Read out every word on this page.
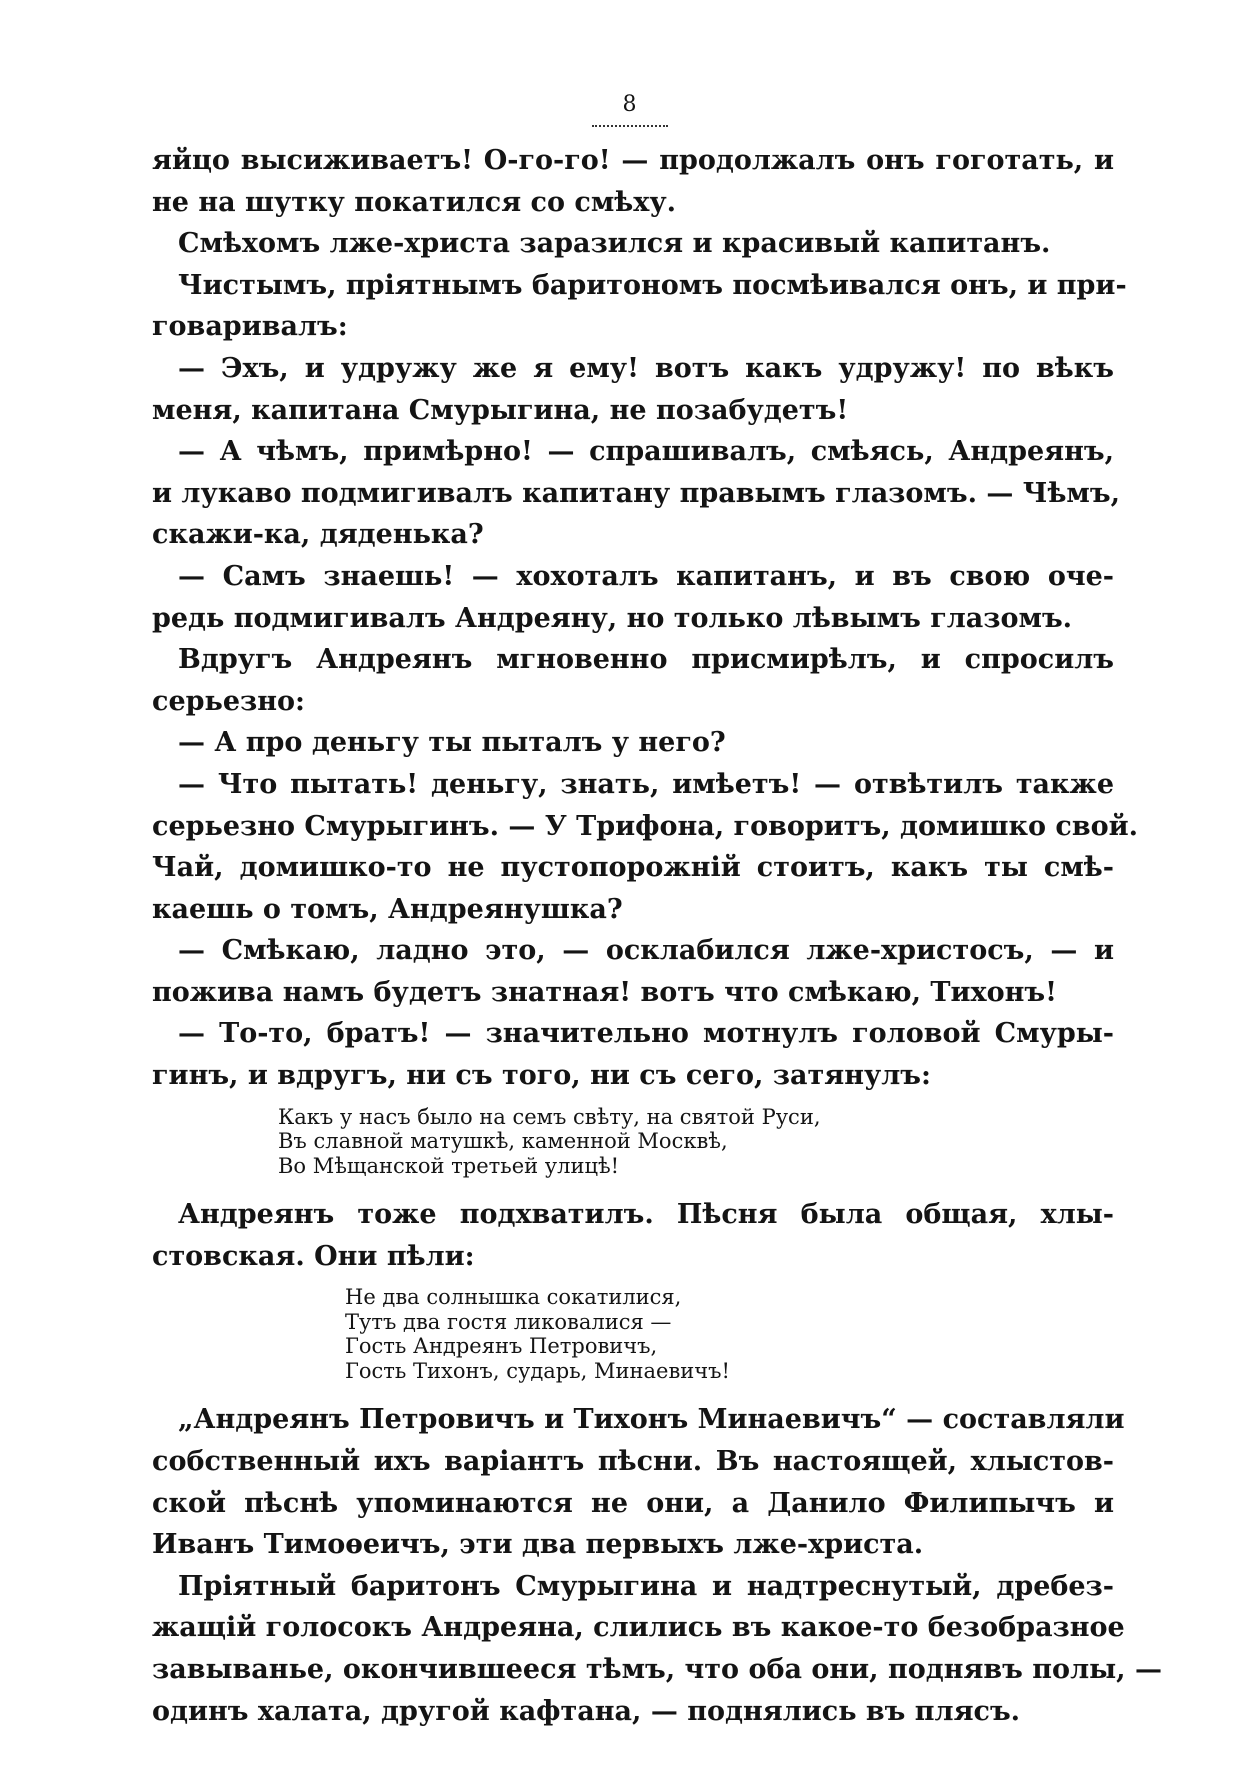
8
яйцо высиживаетъ! О-го-го! — продолжалъ онъ гоготать, и
не на шутку покатился со смѣху.
Смѣхомъ лже-христа заразился и красивый капитанъ.
Чистымъ, пріятнымъ баритономъ посмѣивался онъ, и при-
говаривалъ:
— Эхъ, и удружу же я ему! вотъ какъ удружу! по вѣкъ
меня, капитана Смурыгина, не позабудетъ!
— А чѣмъ, примѣрно! — спрашивалъ, смѣясь, Андреянъ,
и лукаво подмигивалъ капитану правымъ глазомъ. — Чѣмъ,
скажи-ка, дяденька?
— Самъ знаешь! — хохоталъ капитанъ, и въ свою оче-
редь подмигивалъ Андреяну, но только лѣвымъ глазомъ.
Вдругъ Андреянъ мгновенно присмирѣлъ, и спросилъ
серьезно:
— А про деньгу ты пыталъ у него?
— Что пытать! деньгу, знать, имѣетъ! — отвѣтилъ также
серьезно Смурыгинъ. — У Трифона, говоритъ, домишко свой.
Чай, домишко-то не пустопорожній стоитъ, какъ ты смѣ-
каешь о томъ, Андреянушка?
— Смѣкаю, ладно это, — осклабился лже-христосъ, — и
пожива намъ будетъ знатная! вотъ что смѣкаю, Тихонъ!
— То-то, братъ! — значительно мотнулъ головой Смуры-
гинъ, и вдругъ, ни съ того, ни съ сего, затянулъ:
Какъ у насъ было на семъ свѣту, на святой Руси,
Въ славной матушкѣ, каменной Москвѣ,
Во Мѣщанской третьей улицѣ!
Андреянъ тоже подхватилъ. Пѣсня была общая, хлы-
стовская. Они пѣли:
Не два солнышка сокатилися,
Тутъ два гостя ликовалися —
Гость Андреянъ Петровичъ,
Гость Тихонъ, сударь, Минаевичъ!
„Андреянъ Петровичъ и Тихонъ Минаевичъ“ — составляли
собственный ихъ варіантъ пѣсни. Въ настоящей, хлыстов-
ской пѣснѣ упоминаются не они, а Данило Филипычъ и
Иванъ Тимоѳеичъ, эти два первыхъ лже-христа.
Пріятный баритонъ Смурыгина и надтреснутый, дребез-
жащій голосокъ Андреяна, слились въ какое-то безобразное
завыванье, окончившееся тѣмъ, что оба они, поднявъ полы, —
одинъ халата, другой кафтана, — поднялись въ плясъ.
